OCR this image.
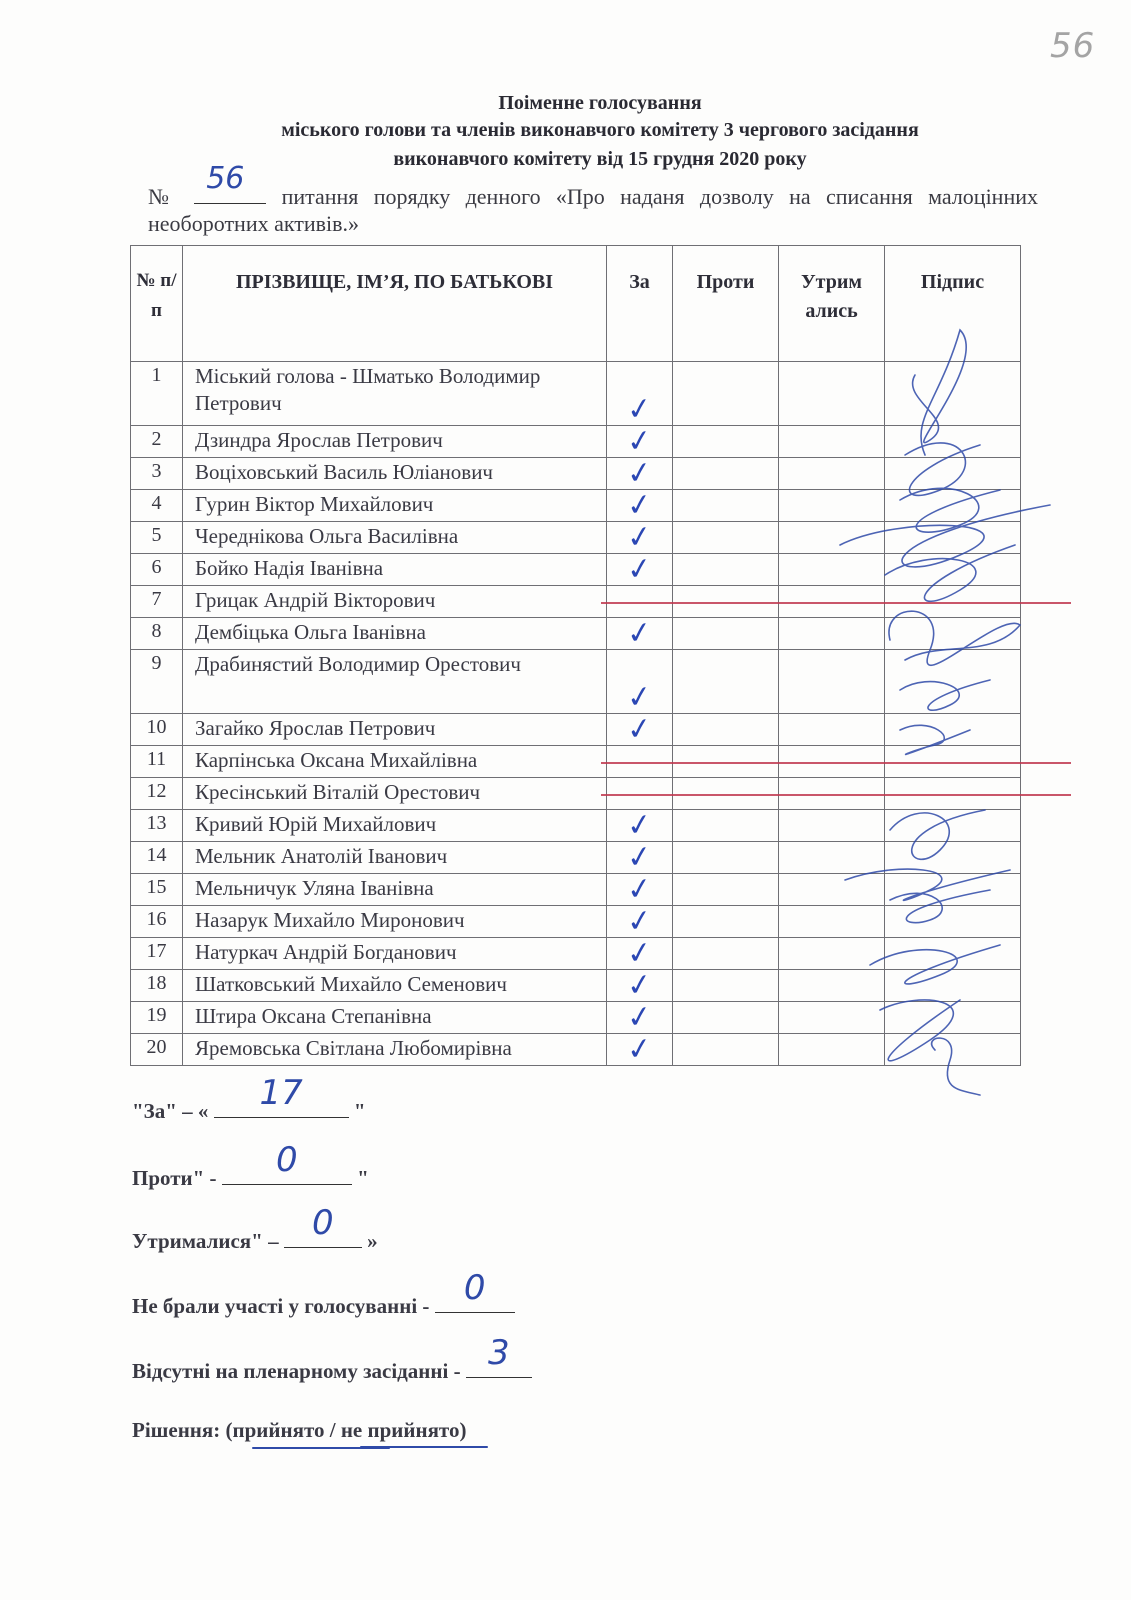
56
Поіменне голосування
міського голови та членів виконавчого комітету 3 чергового засідання
виконавчого комітету від 15 грудня 2020 року
№
56
питання порядку денного «Про наданя дозволу на списання малоцінних необоротних активів.»
№ п/ п	ПРІЗВИЩЕ, ІМ’Я, ПО БАТЬКОВІ	За	Проти	Утрим ались	Підпис
1	Міський голова - Шматько Володимир Петрович	✓			
2	Дзиндра Ярослав Петрович	✓			
3	Воціховський Василь Юліанович	✓			
4	Гурин Віктор Михайлович	✓			
5	Череднікова Ольга Василівна	✓			
6	Бойко Надія Іванівна	✓			
7	Грицак Андрій Вікторович				
8	Дембіцька Ольга Іванівна	✓			
9	Драбинястий Володимир Орестович	✓			
10	Загайко Ярослав Петрович	✓			
11	Карпінська Оксана Михайлівна				
12	Кресінський Віталій Орестович				
13	Кривий Юрій Михайлович	✓			
14	Мельник Анатолій Іванович	✓			
15	Мельничук Уляна Іванівна	✓			
16	Назарук Михайло Миронович	✓			
17	Натуркач Андрій Богданович	✓			
18	Шатковський Михайло Семенович	✓			
19	Штира Оксана Степанівна	✓			
20	Яремовська Світлана Любомирівна	✓			
"За" – «	17	"
Проти" -	0	"
Утрималися" – 0	»
Не брали участі у голосуванні -	0
Відсутні на пленарному засіданні - 3
Рішення: (прийнято / не прийнято)
